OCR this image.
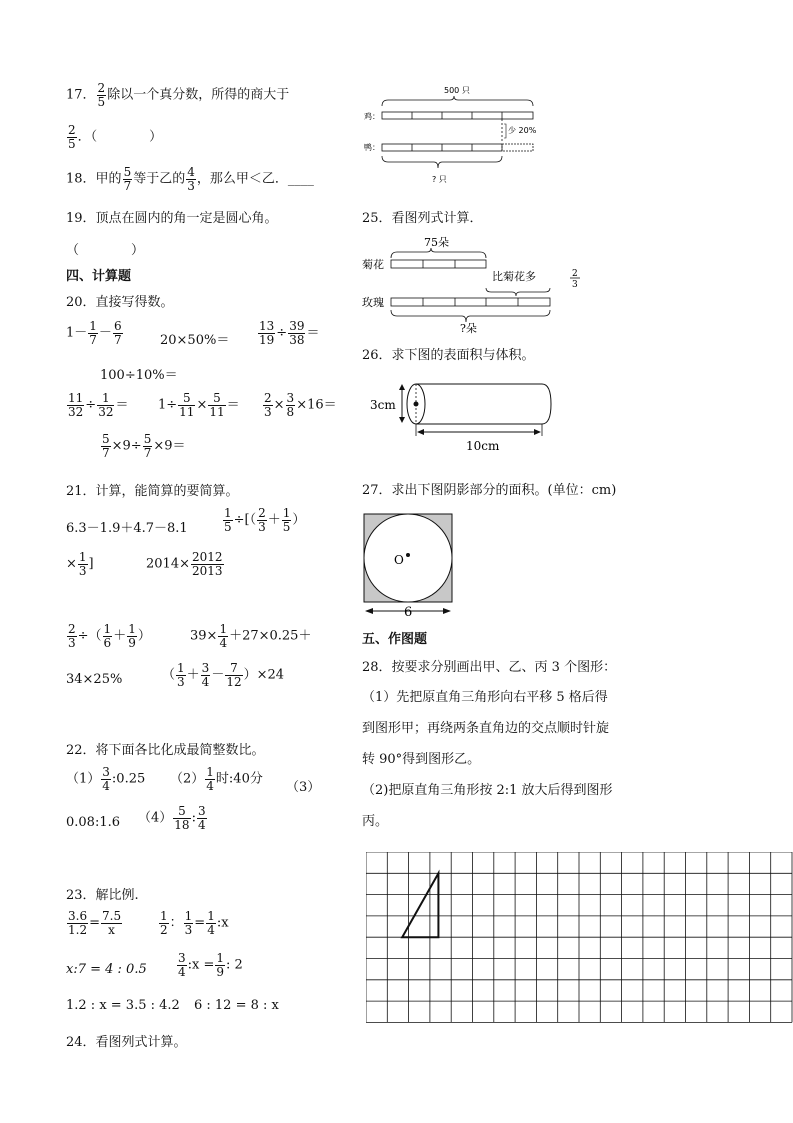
17． $\frac{2}{5}$ 除以一个真分数，所得的商大于
$\frac{2}{5}$ ．（　　　　）
18．甲的 $\frac{5}{7}$ 等于乙的 $\frac{4}{3}$ ，那么甲＜乙．____
19．顶点在圆内的角一定是圆心角。
（　　　　）
四、计算题
20．直接写得数。
$1- \frac{1}{7} - \frac{6}{7}$	$20\times 50\%= \frac{13}{19} \div \frac{39}{38}$ ＝
100÷10%＝
$\frac{11}{32} \div \frac{1}{32} = 1\div \frac{5}{11} \times \frac{5}{11} = \frac{2}{3} \times \frac{3}{8} \times 16=$
$\frac{5}{7} \times 9\div \frac{5}{7} \times 9=$
21．计算，能简算的要简算。
6.3－1.9＋4.7－8.1	$\frac{1}{5}$ ÷[（ $\frac{2}{3} + \frac{1}{5}$ ）
× $\frac{1}{3}$ ]	$2014\times \frac{2012}{2013}$
$\frac{2}{3}$ ÷（ $\frac{1}{6} + \frac{1}{9}$ ）	$39\times \frac{1}{4} +27\times 0.25+$
34×25%	（ $\frac{1}{3} + \frac{3}{4} - \frac{7}{12} )\times 24$
22．将下面各比化成最简整数比。
$(1) \frac{3}{4}$ :0.25 $(2) \frac{1}{4}$ 时:40分
（3）
0.08:1.6 $(4) \frac{5}{18}$ : $\frac{3}{4}$
23．解比例.
$\frac{3.6}{1.2} = \frac{7.5}{x}$	$\frac{1}{2}$ ： $\frac{1}{3} = \frac{1}{4}$ :x
x:7 = 4 : 0.5	$\frac{3}{4}$ :x = $\frac{1}{9}$ : 2
1.2 : x = 3.5 : 4.2 6 : 12 = 8 : x
24．看图列式计算。
500 只
鸡：
少 20%
鸭：
? 只
25．看图列式计算．
75朵
菊花
比菊花多	2
3
玫瑰
?朵
26．求下图的表面积与体积。
3cm
10cm
27．求出下图阴影部分的面积。(单位：cm)
O
6
五、作图题
28．按要求分别画出甲、乙、丙 3 个图形：
（1）先把原直角三角形向右平移 5 格后得
到图形甲；再绕两条直角边的交点顺时针旋
转 90°得到图形乙。
（2)把原直角三角形按 2:1 放大后得到图形
丙。
